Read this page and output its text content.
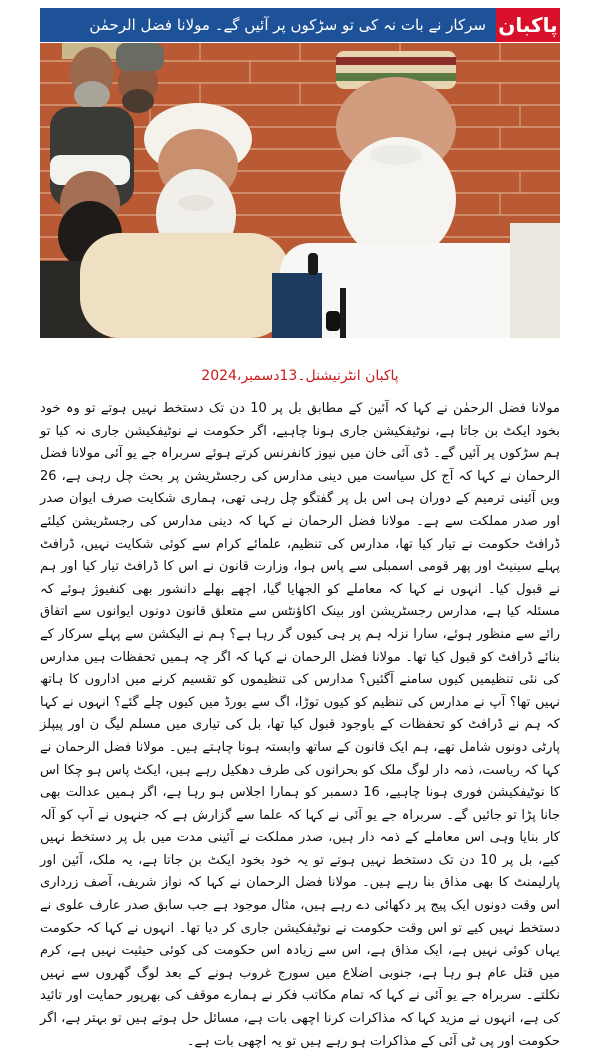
سرکار نے بات نہ کی تو سڑکوں پر آئیں گے۔ مولانا فضل الرحمٰن پاکبان
پاکبان انٹرنیشنل۔13دسمبر،2024

مولانا فضل الرحمٰن نے کہا کہ آئین کے مطابق بل پر 10 دن تک دستخط نہیں ہوتے تو وہ خود بخود ایکٹ بن جاتا ہے، نوٹیفکیشن جاری ہونا چاہیے، اگر حکومت نے نوٹیفکیشن جاری نہ کیا تو ہم سڑکوں پر آئیں گے۔ ڈی آئی خان میں نیوز کانفرنس کرتے ہوئے سربراہ جے یو آئی مولانا فضل الرحمان نے کہا کہ آج کل سیاست میں دینی مدارس کی رجسٹریشن پر بحث چل رہی ہے، 26 ویں آئینی ترمیم کے دوران ہی اس بل پر گفتگو چل رہی تھی، ہماری شکایت صرف ایوان صدر اور صدر مملکت سے ہے۔ مولانا فضل الرحمان نے کہا کہ دینی مدارس کی رجسٹریشن کیلئے ڈرافٹ حکومت نے تیار کیا تھا، مدارس کی تنظیم، علمائے کرام سے کوئی شکایت نہیں، ڈرافٹ پہلے سینیٹ اور پھر قومی اسمبلی سے پاس ہوا، وزارت قانون نے اس کا ڈرافٹ تیار کیا اور ہم نے قبول کیا۔ انہوں نے کہا کہ معاملے کو الجھایا گیا، اچھے بھلے دانشور بھی کنفیوژ ہوئے کہ مسئلہ کیا ہے، مدارس رجسٹریشن اور بینک اکاؤنٹس سے متعلق قانون دونوں ایوانوں سے اتفاق رائے سے منظور ہوئے، سارا نزلہ ہم پر ہی کیوں گر رہا ہے؟ ہم نے الیکشن سے پہلے سرکار کے بنائے ڈرافٹ کو قبول کیا تھا۔ مولانا فضل الرحمان نے کہا کہ اگر چہ ہمیں تحفظات ہیں مدارس کی نئی تنظیمیں کیوں سامنے آگئیں؟ مدارس کی تنظیموں کو تقسیم کرنے میں اداروں کا ہاتھ نہیں تھا؟ آپ نے مدارس کی تنظیم کو کیوں توڑا، اگ سے بورڈ میں کیوں چلے گئے؟ انہوں نے کہا کہ ہم نے ڈرافٹ کو تحفظات کے باوجود قبول کیا تھا، بل کی تیاری میں مسلم لیگ ن اور پیپلز پارٹی دونوں شامل تھے، ہم ایک قانون کے ساتھ وابستہ ہونا چاہتے ہیں۔ مولانا فضل الرحمان نے کہا کہ ریاست، ذمہ دار لوگ ملک کو بحرانوں کی طرف دھکیل رہے ہیں، ایکٹ پاس ہو چکا اس کا نوٹیفکیشن فوری ہونا چاہیے، 16 دسمبر کو ہمارا اجلاس ہو رہا ہے، اگر ہمیں عدالت بھی جانا پڑا تو جائیں گے۔ سربراہ جے یو آئی نے کہا کہ علما سے گزارش ہے کہ جنہوں نے آپ کو آلہ کار بنایا وہی اس معاملے کے ذمہ دار ہیں، صدر مملکت نے آئینی مدت میں بل پر دستخط نہیں کیے، بل پر 10 دن تک دستخط نہیں ہوتے تو یہ خود بخود ایکٹ بن جاتا ہے، یہ ملک، آئین اور پارلیمنٹ کا بھی مذاق بنا رہے ہیں۔ مولانا فضل الرحمان نے کہا کہ نواز شریف، آصف زرداری اس وقت دونوں ایک پیج پر دکھائی دے رہے ہیں، مثال موجود ہے جب سابق صدر عارف علوی نے دستخط نہیں کیے تو اس وقت حکومت نے نوٹیفکیشن جاری کر دیا تھا۔ انہوں نے کہا کہ حکومت یہاں کوئی نہیں ہے، ایک مذاق ہے، اس سے زیادہ اس حکومت کی کوئی حیثیت نہیں ہے، کرم میں قتل عام ہو رہا ہے، جنوبی اضلاع میں سورج غروب ہونے کے بعد لوگ گھروں سے نہیں نکلتے۔ سربراہ جے یو آئی نے کہا کہ تمام مکاتب فکر نے ہمارے موقف کی بھرپور حمایت اور تائید کی ہے، انہوں نے مزید کہا کہ مذاکرات کرنا اچھی بات ہے، مسائل حل ہوتے ہیں تو بہتر ہے، اگر حکومت اور پی ٹی آئی کے مذاکرات ہو رہے ہیں تو یہ اچھی بات ہے۔
